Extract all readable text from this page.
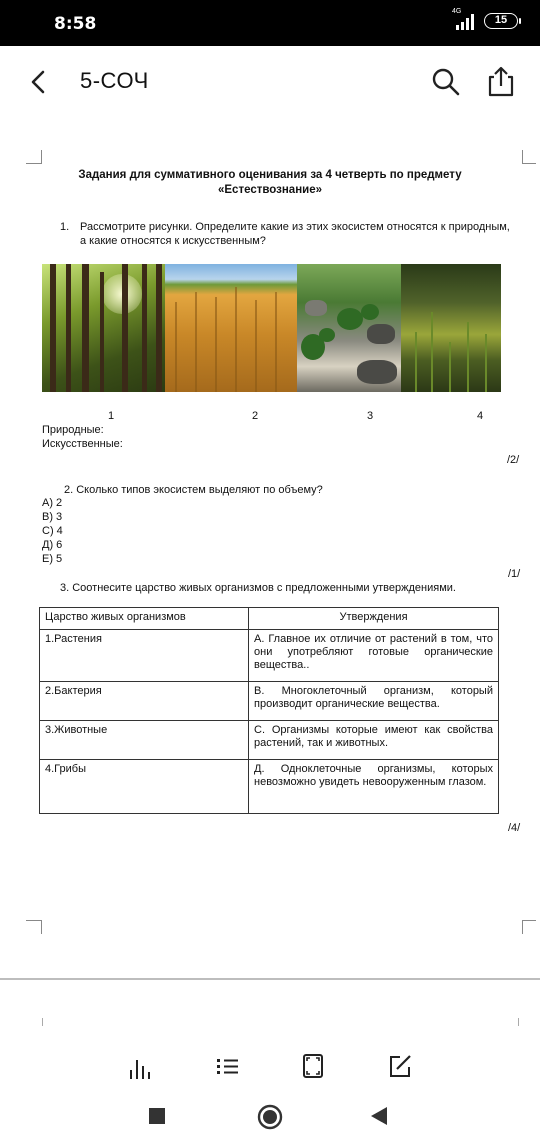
8:58
4G
15
5-СОЧ
Задания для суммативного оценивания за 4 четверть по предмету
«Естествознание»
1. Рассмотрите рисунки. Определите какие из этих экосистем относятся к природным, а какие относятся к искусственным?
1	2	3	4
Природные:
Искусственные:
/2/
2. Сколько типов экосистем выделяют по объему?
А) 2
В) 3
С) 4
Д) 6
Е) 5
/1/
3. Соотнесите царство живых организмов с предложенными утверждениями.
Царство живых организмов	Утверждения
1.Растения	А. Главное их отличие от растений в том, что они употребляют готовые органические вещества..
2.Бактерия	В. Многоклеточный организм, который производит органические вещества.
3.Животные	С. Организмы которые имеют как свойства растений, так и животных.
4.Грибы	Д. Одноклеточные организмы, которых невозможно увидеть невооруженным глазом.
/4/
